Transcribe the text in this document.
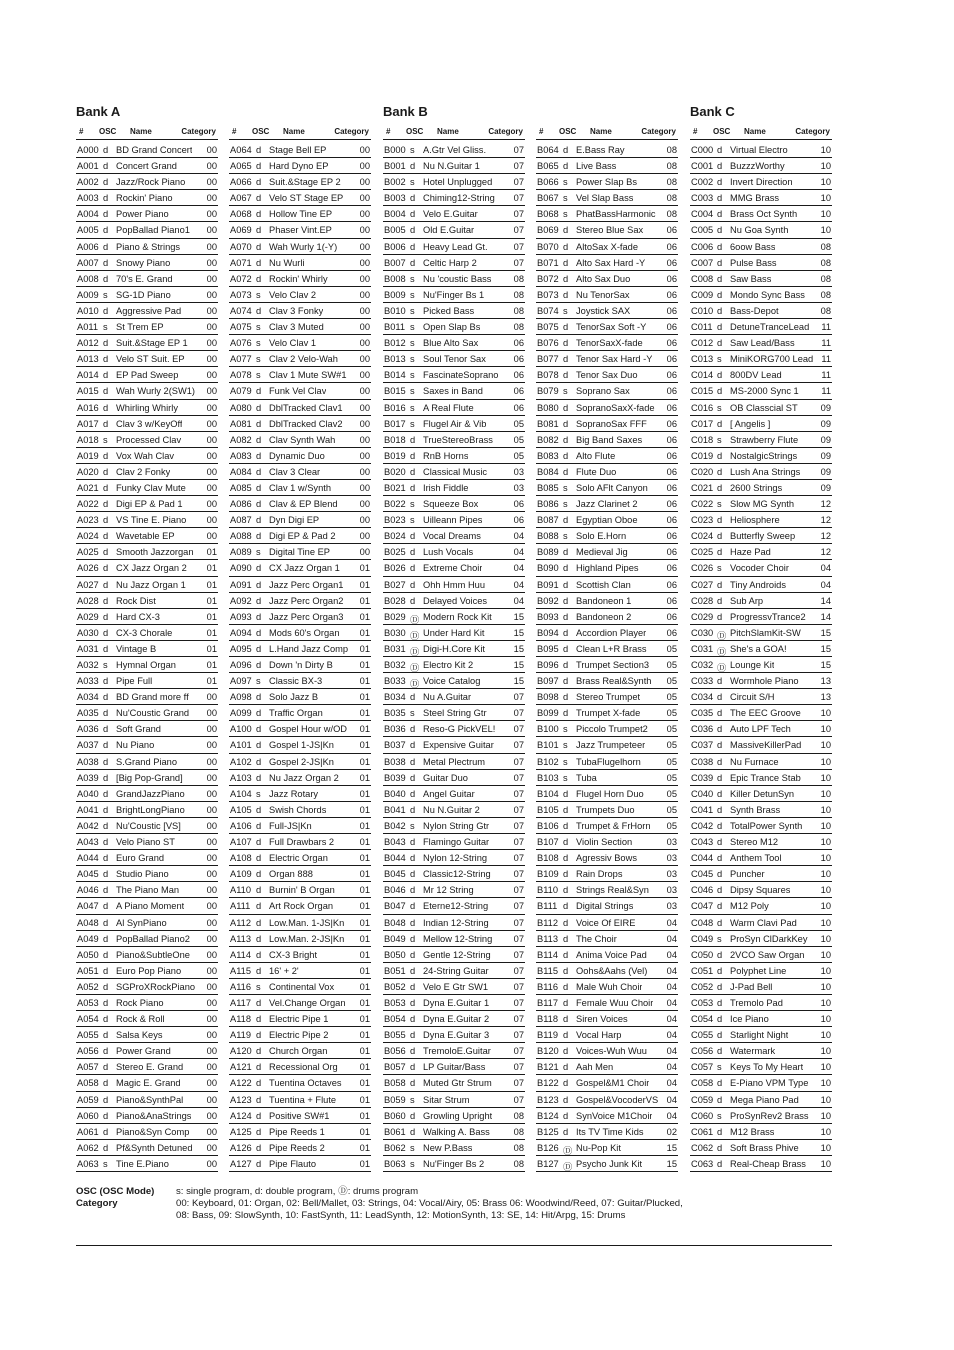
Bank A	Bank B	Bank C
# OSC Name	Category
A000 d BD Grand Concert 00
A001 d Concert Grand	00
A002 d Jazz/Rock Piano 00
A003 d Rockin' Piano	00
A004 d Power Piano	00
A005 d PopBallad Piano1 00
A006 d Piano & Strings	00
A007 d Snowy Piano	00
A008 d 70's E. Grand	00
A009 s SG-1D Piano	00
A010 d Aggressive Pad	00
A011 s St Trem EP	00
A012 d Suit.&Stage EP 1 00
A013 d Velo ST Suit. EP 00
A014 d EP Pad Sweep	00
A015 d Wah Wurly 2(SW1) 00
A016 d Whirling Whirly	00
A017 d Clav 3 w/KeyOff	00
A018 s Processed Clav	00
A019 d Vox Wah Clav	00
A020 d Clav 2 Fonky	00
A021 d Funky Clav Mute 00
A022 d Digi EP & Pad 1	00
A023 d VS Tine E. Piano 00
A024 d Wavetable EP	00
A025 d Smooth Jazzorgan 01
A026 d CX Jazz Organ 2 01
A027 d Nu Jazz Organ 1 01
A028 d Rock Dist	01
A029 d Hard CX-3	01
A030 d CX-3 Chorale	01
A031 d Vintage B	01
A032 s Hymnal Organ	01
A033 d Pipe Full	01
A034 d BD Grand more ff 00
A035 d Nu'Coustic Grand 00
A036 d Soft Grand	00
A037 d Nu Piano	00
A038 d S.Grand Piano	00
A039 d [Big Pop-Grand]	00
A040 d GrandJazzPiano 00
A041 d BrightLongPiano 00
A042 d Nu'Coustic [VS]	00
A043 d Velo Piano ST	00
A044 d Euro Grand	00
A045 d Studio Piano	00
A046 d The Piano Man	00
A047 d A Piano Moment 00
A048 d Al SynPiano	00
A049 d PopBallad Piano2 00
A050 d Piano&SubtleOne 00
A051 d Euro Pop Piano	00
A052 d SGProXRockPiano 00
A053 d Rock Piano	00
A054 d Rock & Roll	00
A055 d Salsa Keys	00
A056 d Power Grand	00
A057 d Stereo E. Grand	00
A058 d Magic E. Grand	00
A059 d Piano&SynthPal	00
A060 d Piano&AnaStrings 00
A061 d Piano&Syn Comp 00
A062 d Pf&Synth Detuned 00
A063 s Tine E.Piano	00
# OSC Name	Category
A064 d Stage Bell EP	00
A065 d Hard Dyno EP	00
A066 d Suit.&Stage EP 2 00
A067 d Velo ST Stage EP 00
A068 d Hollow Tine EP	00
A069 d Phaser Vint.EP	00
A070 d Wah Wurly 1(-Y) 00
A071 d Nu Wurli	00
A072 d Rockin' Whirly	00
A073 s Velo Clav 2	00
A074 d Clav 3 Fonky	00
A075 s Clav 3 Muted	00
A076 s Velo Clav 1	00
A077 s Clav 2 Velo-Wah 00
A078 s Clav 1 Mute SW#1 00
A079 d Funk Vel Clav	00
A080 d DblTracked Clav1 00
A081 d DblTracked Clav2 00
A082 d Clav Synth Wah	00
A083 d Dynamic Duo	00
A084 d Clav 3 Clear	00
A085 d Clav 1 w/Synth	00
A086 d Clav & EP Blend 00
A087 d Dyn Digi EP	00
A088 d Digi EP & Pad 2	00
A089 s Digital Tine EP	00
A090 d CX Jazz Organ 1 01
A091 d Jazz Perc Organ1 01
A092 d Jazz Perc Organ2 01
A093 d Jazz Perc Organ3 01
A094 d Mods 60's Organ 01
A095 d L.Hand Jazz Comp 01
A096 d Down 'n Dirty B	01
A097 s Classic BX-3	01
A098 d Solo Jazz B	01
A099 d Traffic Organ	01
A100 d Gospel Hour w/OD 01
A101 d Gospel 1-JS|Kn	01
A102 d Gospel 2-JS|Kn	01
A103 d Nu Jazz Organ 2 01
A104 s Jazz Rotary	01
A105 d Swish Chords	01
A106 d Full-JS|Kn	01
A107 d Full Drawbars 2	01
A108 d Electric Organ	01
A109 d Organ 888	01
A110 d Burnin' B Organ	01
A111 d Art Rock Organ	01
A112 d Low.Man. 1-JS|Kn 01
A113 d Low.Man. 2-JS|Kn 01
A114 d CX-3 Bright	01
A115 d 16' + 2'	01
A116 s Continental Vox	01
A117 d Vel.Change Organ 01
A118 d Electric Pipe 1	01
A119 d Electric Pipe 2	01
A120 d Church Organ	01
A121 d Recessional Org 01
A122 d Tuentina Octaves 01
A123 d Tuentina + Flute	01
A124 d Positive SW#1	01
A125 d Pipe Reeds 1	01
A126 d Pipe Reeds 2	01
A127 d Pipe Flauto	01
# OSC Name	Category
B000 s A.Gtr Vel Gliss.	07
B001 d Nu N.Guitar 1	07
B002 s Hotel Unplugged 07
B003 d Chiming12-String 07
B004 d Velo E.Guitar	07
B005 d Old E.Guitar	07
B006 d Heavy Lead Gt.	07
B007 d Celtic Harp 2	07
B008 s Nu 'coustic Bass 08
B009 s Nu'Finger Bs 1	08
B010 s Picked Bass	08
B011 s Open Slap Bs	08
B012 s Blue Alto Sax	06
B013 s Soul Tenor Sax	06
B014 s FascinateSoprano 06
B015 s Saxes in Band	06
B016 s A Real Flute	06
B017 s Flugel Air & Vib	05
B018 d TrueStereoBrass 05
B019 d RnB Horns	05
B020 d Classical Music	03
B021 d Irish Fiddle	03
B022 s Squeeze Box	06
B023 s Uilleann Pipes	06
B024 d Vocal Dreams	04
B025 d Lush Vocals	04
B026 d Extreme Choir	04
B027 d Ohh Hmm Huu	04
B028 d Delayed Voices	04
B029 Ⓓ Modern Rock Kit 15
B030 Ⓓ Under Hard Kit	15
B031 Ⓓ Digi-H.Core Kit	15
B032 Ⓓ Electro Kit 2	15
B033 Ⓓ Voice Catalog	15
B034 d Nu A.Guitar	07
B035 s Steel String Gtr	07
B036 d Reso-G PickVEL! 07
B037 d Expensive Guitar 07
B038 d Metal Plectrum	07
B039 d Guitar Duo	07
B040 d Angel Guitar	07
B041 d Nu N.Guitar 2	07
B042 s Nylon String Gtr	07
B043 d Flamingo Guitar	07
B044 d Nylon 12-String	07
B045 d Classic12-String 07
B046 d Mr 12 String	07
B047 d Eterne12-String	07
B048 d Indian 12-String	07
B049 d Mellow 12-String 07
B050 d Gentle 12-String 07
B051 d 24-String Guitar	07
B052 d Velo E Gtr SW1	07
B053 d Dyna E.Guitar 1	07
B054 d Dyna E.Guitar 2	07
B055 d Dyna E.Guitar 3	07
B056 d TremoloE.Guitar 07
B057 d LP Guitar/Bass	07
B058 d Muted Gtr Strum 07
B059 s Sitar Strum	07
B060 d Growling Upright 08
B061 d Walking A. Bass	08
B062 s New P.Bass	08
B063 s Nu'Finger Bs 2	08
# OSC Name	Category
B064 d E.Bass Ray	08
B065 d Live Bass	08
B066 s Power Slap Bs	08
B067 s Vel Slap Bass	08
B068 s PhatBassHarmonic 08
B069 d Stereo Blue Sax	06
B070 d AltoSax X-fade	06
B071 d Alto Sax Hard -Y 06
B072 d Alto Sax Duo	06
B073 d Nu TenorSax	06
B074 s Joystick SAX	06
B075 d TenorSax Soft -Y 06
B076 d TenorSaxX-fade	06
B077 d Tenor Sax Hard -Y 06
B078 d Tenor Sax Duo	06
B079 s Soprano Sax	06
B080 d SopranoSaxX-fade 06
B081 d SopranoSax FFF 06
B082 d Big Band Saxes	06
B083 d Alto Flute	06
B084 d Flute Duo	06
B085 s Solo AFlt Canyon 06
B086 s Jazz Clarinet 2	06
B087 d Egyptian Oboe	06
B088 s Solo E.Horn	06
B089 d Medieval Jig	06
B090 d Highland Pipes	06
B091 d Scottish Clan	06
B092 d Bandoneon 1	06
B093 d Bandoneon 2	06
B094 d Accordion Player 06
B095 d Clean L+R Brass 05
B096 d Trumpet Section3 05
B097 d Brass Real&Synth 05
B098 d Stereo Trumpet	05
B099 d Trumpet X-fade	05
B100 s Piccolo Trumpet2 05
B101 s Jazz Trumpeteer 05
B102 s TubaFlugelhorn	05
B103 s Tuba	05
B104 d Flugel Horn Duo 05
B105 d Trumpets Duo	05
B106 d Trumpet & FrHorn 05
B107 d Violin Section	03
B108 d Agressiv Bows	03
B109 d Rain Drops	03
B110 d Strings Real&Syn 03
B111 d Digital Strings	03
B112 d Voice Of EIRE	04
B113 d The Choir	04
B114 d Anima Voice Pad 04
B115 d Oohs&Aahs (Vel) 04
B116 d Male Wuh Choir	04
B117 d Female Wuu Choir 04
B118 d Siren Voices	04
B119 d Vocal Harp	04
B120 d Voices-Wuh Wuu 04
B121 d Aah Men	04
B122 d Gospel&M1 Choir 04
B123 d Gospel&VocoderVS 04
B124 d SynVoice M1Choir 04
B125 d Its TV Time Kids 02
B126 Ⓓ Nu-Pop Kit	15
B127 Ⓓ Psycho Junk Kit	15
# OSC Name	Category
C000 d Virtual Electro	10
C001 d BuzzzWorthy	10
C002 d Invert Direction	10
C003 d MMG Brass	10
C004 d Brass Oct Synth	10
C005 d Nu Goa Synth	10
C006 d 6oow Bass	08
C007 d Pulse Bass	08
C008 d Saw Bass	08
C009 d Mondo Sync Bass 08
C010 d Bass-Depot	08
C011 d DetuneTranceLead 11
C012 d Saw Lead/Bass	11
C013 s MiniKORG700 Lead 11
C014 d 800DV Lead	11
C015 d MS-2000 Sync 1 11
C016 s OB Classcial ST 09
C017 d [ Angelis ]	09
C018 s Strawberry Flute 09
C019 d NostalgicStrings	09
C020 d Lush Ana Strings 09
C021 d 2600 Strings	09
C022 s Slow MG Synth	12
C023 d Heliosphere	12
C024 d Butterfly Sweep	12
C025 d Haze Pad	12
C026 s Vocoder Choir	04
C027 d Tiny Androids	04
C028 d Sub Arp	14
C029 d ProgressvTrance2 14
C030 Ⓓ PitchSlamKit-SW 15
C031 Ⓓ She's a GOA!	15
C032 Ⓓ Lounge Kit	15
C033 d Wormhole Piano 13
C034 d Circuit S/H	13
C035 d The EEC Groove 10
C036 d Auto LPF Tech	10
C037 d MassiveKillerPad 10
C038 d Nu Furnace	10
C039 d Epic Trance Stab 10
C040 d Killer DetunSyn	10
C041 d Synth Brass	10
C042 d TotalPower Synth 10
C043 d Stereo M12	10
C044 d Anthem Tool	10
C045 d Puncher	10
C046 d Dipsy Squares	10
C047 d M12 Poly	10
C048 d Warm Clavi Pad	10
C049 s ProSyn ClDarkKey 10
C050 d 2VCO Saw Organ 10
C051 d Polyphet Line	10
C052 d J-Pad Bell	10
C053 d Tremolo Pad	10
C054 d Ice Piano	10
C055 d Starlight Night	10
C056 d Watermark	10
C057 s Keys To My Heart 10
C058 d E-Piano VPM Type 10
C059 d Mega Piano Pad 10
C060 s ProSynRev2 Brass 10
C061 d M12 Brass	10
C062 d Soft Brass Phive 10
C063 d Real-Cheap Brass 10
OSC (OSC Mode) s: single program, d: double program, Ⓓ: drums program
Category	00: Keyboard, 01: Organ, 02: Bell/Mallet, 03: Strings, 04: Vocal/Airy, 05: Brass 06: Woodwind/Reed, 07: Guitar/Plucked,
08: Bass, 09: SlowSynth, 10: FastSynth, 11: LeadSynth, 12: MotionSynth, 13: SE, 14: Hit/Arpg, 15: Drums
